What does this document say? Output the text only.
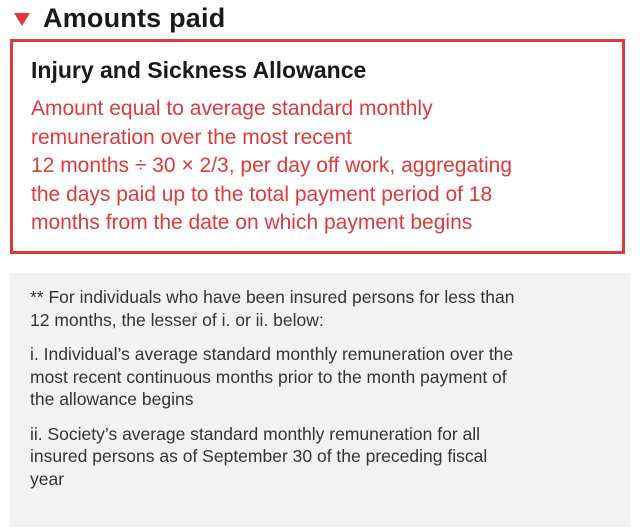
Amounts paid
Injury and Sickness Allowance
Amount equal to average standard monthly
remuneration over the most recent
12 months ÷ 30 × 2/3, per day off work, aggregating
the days paid up to the total payment period of 18
months from the date on which payment begins
** For individuals who have been insured persons for less than
12 months, the lesser of i. or ii. below:
i. Individual’s average standard monthly remuneration over the
most recent continuous months prior to the month payment of
the allowance begins
ii. Society’s average standard monthly remuneration for all
insured persons as of September 30 of the preceding fiscal
year
